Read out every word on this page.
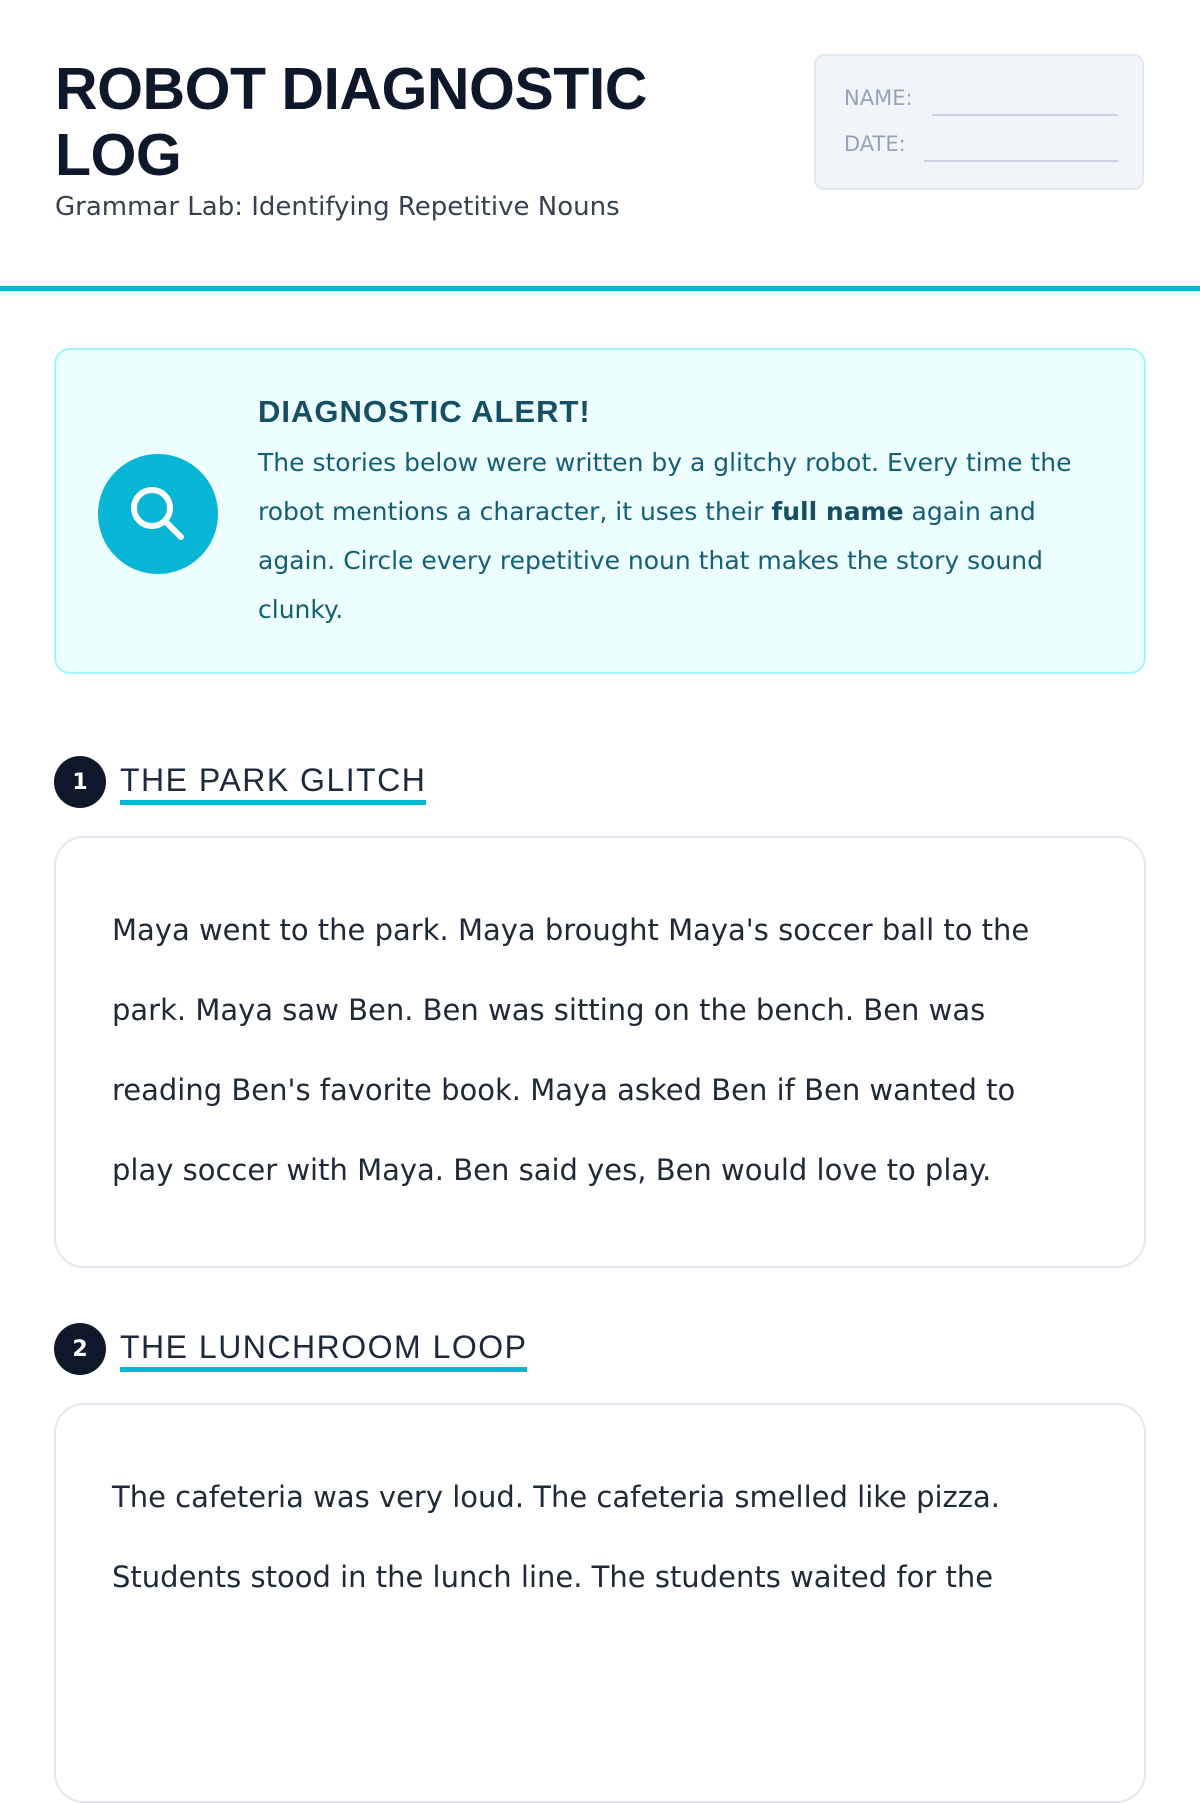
ROBOT DIAGNOSTIC LOG
Grammar Lab: Identifying Repetitive Nouns
NAME:
DATE:
DIAGNOSTIC ALERT!

The stories below were written by a glitchy robot. Every time the robot mentions a character, it uses their full name again and again. Circle every repetitive noun that makes the story sound clunky.

1	THE PARK GLITCH

Maya went to the park. Maya brought Maya's soccer ball to the park. Maya saw Ben. Ben was sitting on the bench. Ben was reading Ben's favorite book. Maya asked Ben if Ben wanted to play soccer with Maya. Ben said yes, Ben would love to play.

2	THE LUNCHROOM LOOP

The cafeteria was very loud. The cafeteria smelled like pizza. Students stood in the lunch line. The students waited for the
